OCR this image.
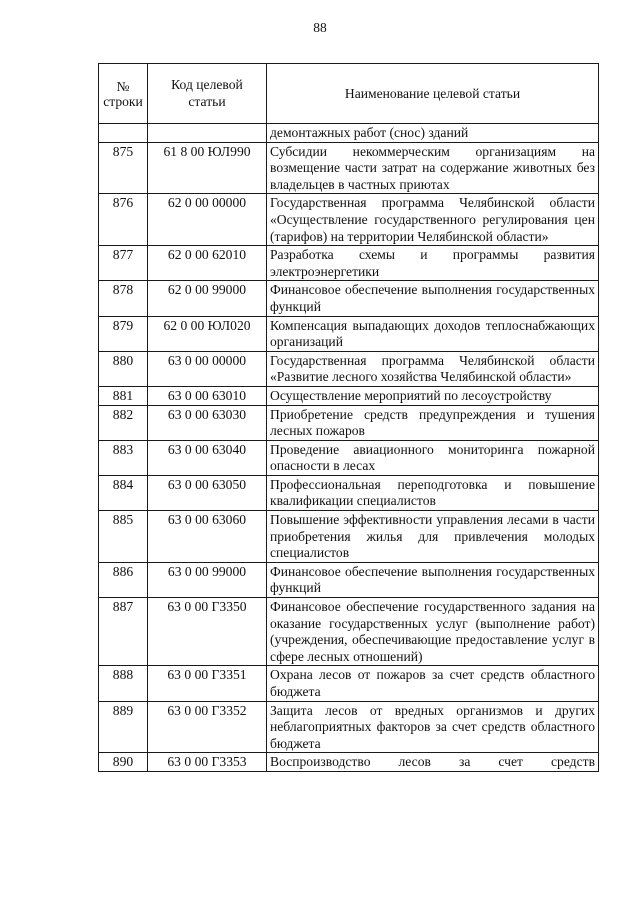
88
№ строки	Код целевой статьи	Наименование целевой статьи
		демонтажных работ (снос) зданий
875	61 8 00 ЮЛ990	Субсидии некоммерческим организациям на возмещение части затрат на содержание животных без владельцев в частных приютах
876	62 0 00 00000	Государственная программа Челябинской области «Осуществление государственного регулирования цен (тарифов) на территории Челябинской области»
877	62 0 00 62010	Разработка схемы и программы развития электроэнергетики
878	62 0 00 99000	Финансовое обеспечение выполнения государственных функций
879	62 0 00 ЮЛ020	Компенсация выпадающих доходов теплоснабжающих организаций
880	63 0 00 00000	Государственная программа Челябинской области «Развитие лесного хозяйства Челябинской области»
881	63 0 00 63010	Осуществление мероприятий по лесоустройству
882	63 0 00 63030	Приобретение средств предупреждения и тушения лесных пожаров
883	63 0 00 63040	Проведение авиационного мониторинга пожарной опасности в лесах
884	63 0 00 63050	Профессиональная переподготовка и повышение квалификации специалистов
885	63 0 00 63060	Повышение эффективности управления лесами в части приобретения жилья для привлечения молодых специалистов
886	63 0 00 99000	Финансовое обеспечение выполнения государственных функций
887	63 0 00 Г3350	Финансовое обеспечение государственного задания на оказание государственных услуг (выполнение работ) (учреждения, обеспечивающие предоставление услуг в сфере лесных отношений)
888	63 0 00 Г3351	Охрана лесов от пожаров за счет средств областного бюджета
889	63 0 00 Г3352	Защита лесов от вредных организмов и других неблагоприятных факторов за счет средств областного бюджета
890	63 0 00 Г3353	Воспроизводство лесов за счет средств
